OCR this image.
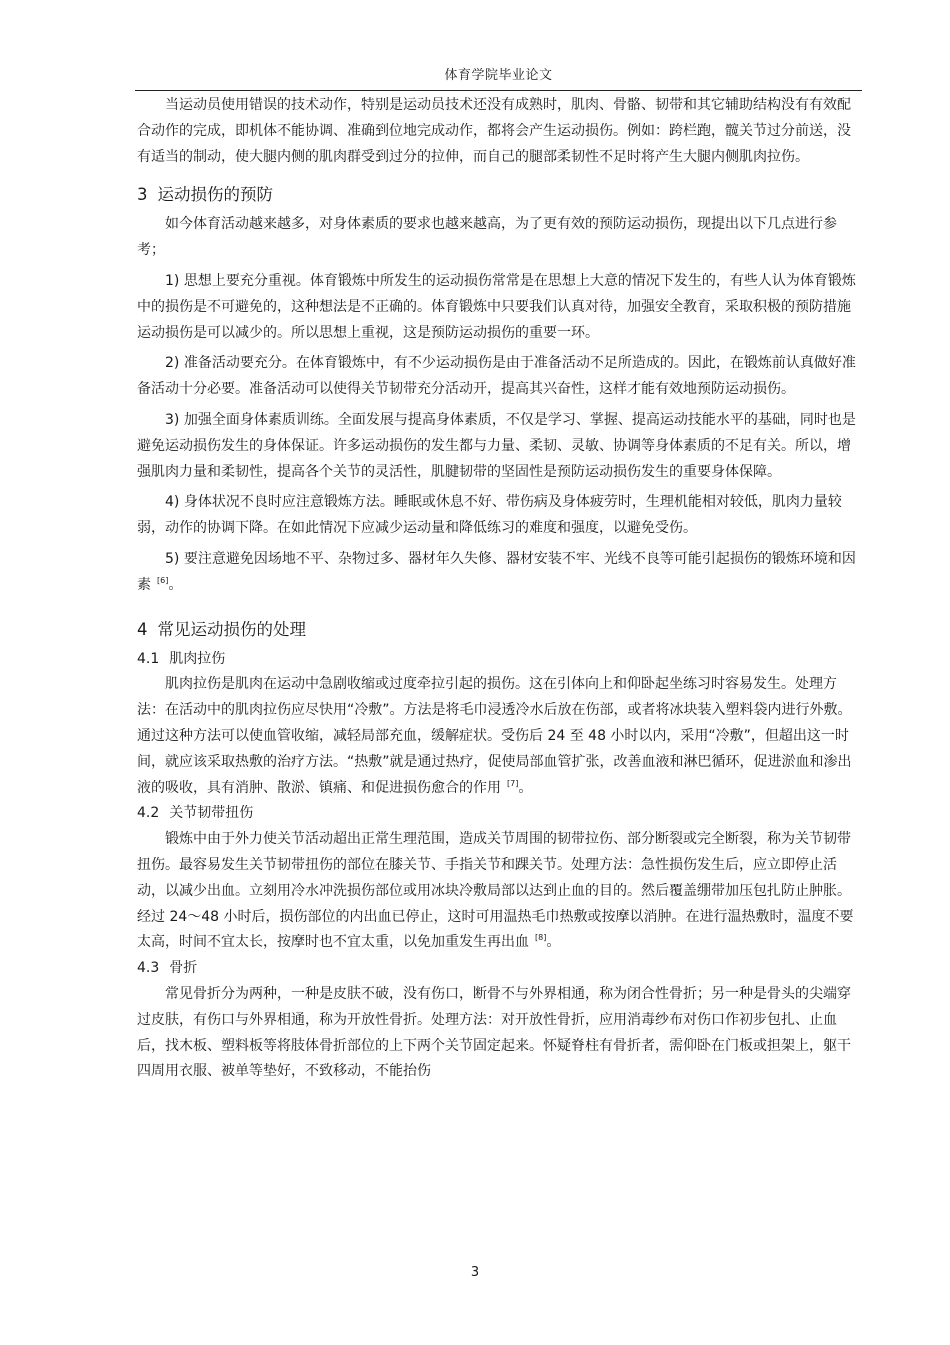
体育学院毕业论文

当运动员使用错误的技术动作，特别是运动员技术还没有成熟时，肌肉、骨骼、韧带和其它辅助结构没有有效配合动作的完成，即机体不能协调、准确到位地完成动作，都将会产生运动损伤。例如：跨栏跑，髋关节过分前送，没有适当的制动，使大腿内侧的肌肉群受到过分的拉伸，而自己的腿部柔韧性不足时将产生大腿内侧肌肉拉伤。

3 运动损伤的预防

如今体育活动越来越多，对身体素质的要求也越来越高，为了更有效的预防运动损伤，现提出以下几点进行参考；

1) 思想上要充分重视。体育锻炼中所发生的运动损伤常常是在思想上大意的情况下发生的，有些人认为体育锻炼中的损伤是不可避免的，这种想法是不正确的。体育锻炼中只要我们认真对待，加强安全教育，采取积极的预防措施运动损伤是可以减少的。所以思想上重视，这是预防运动损伤的重要一环。

2) 准备活动要充分。在体育锻炼中，有不少运动损伤是由于准备活动不足所造成的。因此，在锻炼前认真做好准备活动十分必要。准备活动可以使得关节韧带充分活动开，提高其兴奋性，这样才能有效地预防运动损伤。

3) 加强全面身体素质训练。全面发展与提高身体素质，不仅是学习、掌握、提高运动技能水平的基础，同时也是避免运动损伤发生的身体保证。许多运动损伤的发生都与力量、柔韧、灵敏、协调等身体素质的不足有关。所以，增强肌肉力量和柔韧性，提高各个关节的灵活性，肌腱韧带的坚固性是预防运动损伤发生的重要身体保障。

4) 身体状况不良时应注意锻炼方法。睡眠或休息不好、带伤病及身体疲劳时，生理机能相对较低，肌肉力量较弱，动作的协调下降。在如此情况下应减少运动量和降低练习的难度和强度，以避免受伤。

5) 要注意避免因场地不平、杂物过多、器材年久失修、器材安装不牢、光线不良等可能引起损伤的锻炼环境和因素 [6]。

4 常见运动损伤的处理
4.1 肌肉拉伤

肌肉拉伤是肌肉在运动中急剧收缩或过度牵拉引起的损伤。这在引体向上和仰卧起坐练习时容易发生。处理方法：在活动中的肌肉拉伤应尽快用“冷敷”。方法是将毛巾浸透冷水后放在伤部，或者将冰块装入塑料袋内进行外敷。通过这种方法可以使血管收缩，减轻局部充血，缓解症状。受伤后 24 至 48 小时以内，采用“冷敷”，但超出这一时间，就应该采取热敷的治疗方法。“热敷”就是通过热疗，促使局部血管扩张，改善血液和淋巴循环，促进淤血和渗出液的吸收，具有消肿、散淤、镇痛、和促进损伤愈合的作用 [7]。

4.2 关节韧带扭伤

锻炼中由于外力使关节活动超出正常生理范围，造成关节周围的韧带拉伤、部分断裂或完全断裂，称为关节韧带扭伤。最容易发生关节韧带扭伤的部位在膝关节、手指关节和踝关节。处理方法：急性损伤发生后，应立即停止活动，以减少出血。立刻用冷水冲洗损伤部位或用冰块冷敷局部以达到止血的目的。然后覆盖绷带加压包扎防止肿胀。经过 24～48 小时后，损伤部位的内出血已停止，这时可用温热毛巾热敷或按摩以消肿。在进行温热敷时，温度不要太高，时间不宜太长，按摩时也不宜太重，以免加重发生再出血 [8]。

4.3 骨折

常见骨折分为两种，一种是皮肤不破，没有伤口，断骨不与外界相通，称为闭合性骨折；另一种是骨头的尖端穿过皮肤，有伤口与外界相通，称为开放性骨折。处理方法：对开放性骨折，应用消毒纱布对伤口作初步包扎、止血后，找木板、塑料板等将肢体骨折部位的上下两个关节固定起来。怀疑脊柱有骨折者，需仰卧在门板或担架上，躯干四周用衣服、被单等垫好，不致移动，不能抬伤

3
